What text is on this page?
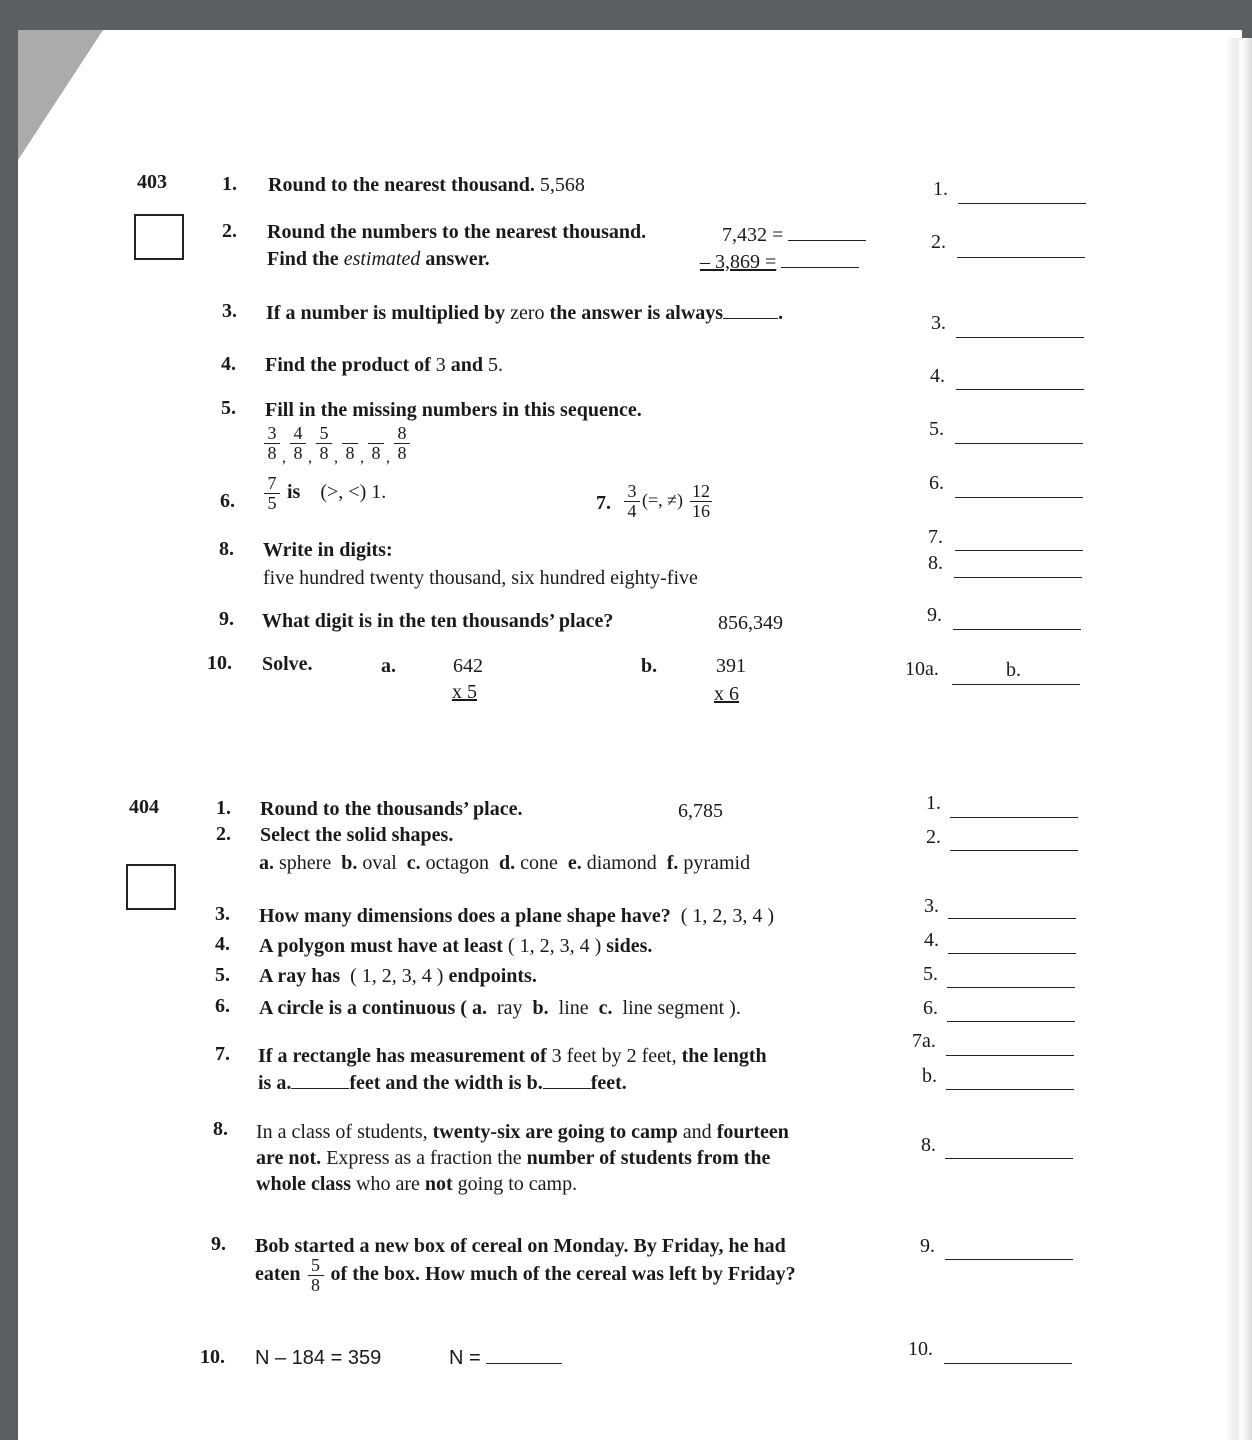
403	1. Round to the nearest thousand. 5,568
2. Round the numbers to the nearest thousand.	7,432 =
Find the estimated answer.	– 3,869 =
3. If a number is multiplied by zero the answer is always	.
4. Find the product of 3 and 5.
5. Fill in the missing numbers in this sequence.
$\frac{3}{8} _, \frac{4}{8} _, \frac{5}{8} _,$ 8 $_,$ 8 $_, \frac{8}{8}$
6. $\frac{7}{5}$ is (>, <) 1.	7. $\frac{3}{4}$ (=, ≠) $\frac{12}{16}$
8. Write in digits:
five hundred twenty thousand, six hundred eighty-five
9. What digit is in the ten thousands’ place?	856,349
10. Solve.	a.	642
x 5
b.	391
x 6
404	1. Round to the thousands’ place.	6,785
2. Select the solid shapes.
a. sphere b. oval c. octagon d. cone e. diamond f. pyramid
3. How many dimensions does a plane shape have? ( 1, 2, 3, 4 )
4. A polygon must have at least ( 1, 2, 3, 4 ) sides.
5. A ray has ( 1, 2, 3, 4 ) endpoints.
6. A circle is a continuous ( a. ray b. line c. line segment ).
7. If a rectangle has measurement of 3 feet by 2 feet, the length
is a.	feet and the width is b. feet.
8. In a class of students, twenty-six are going to camp and fourteen
are not. Express as a fraction the number of students from the
whole class who are not going to camp.
9. Bob started a new box of cereal on Monday. By Friday, he had
eaten $\frac{5}{8}$ of the box. How much of the cereal was left by Friday?
10. N – 184 = 359	N =
1.
2.
3.
4.
5.
6.
7.
8.
9.
10a.	b.
1.
2.
3.
4.
5.
6.
7a.
b.
8.
9.
10.
